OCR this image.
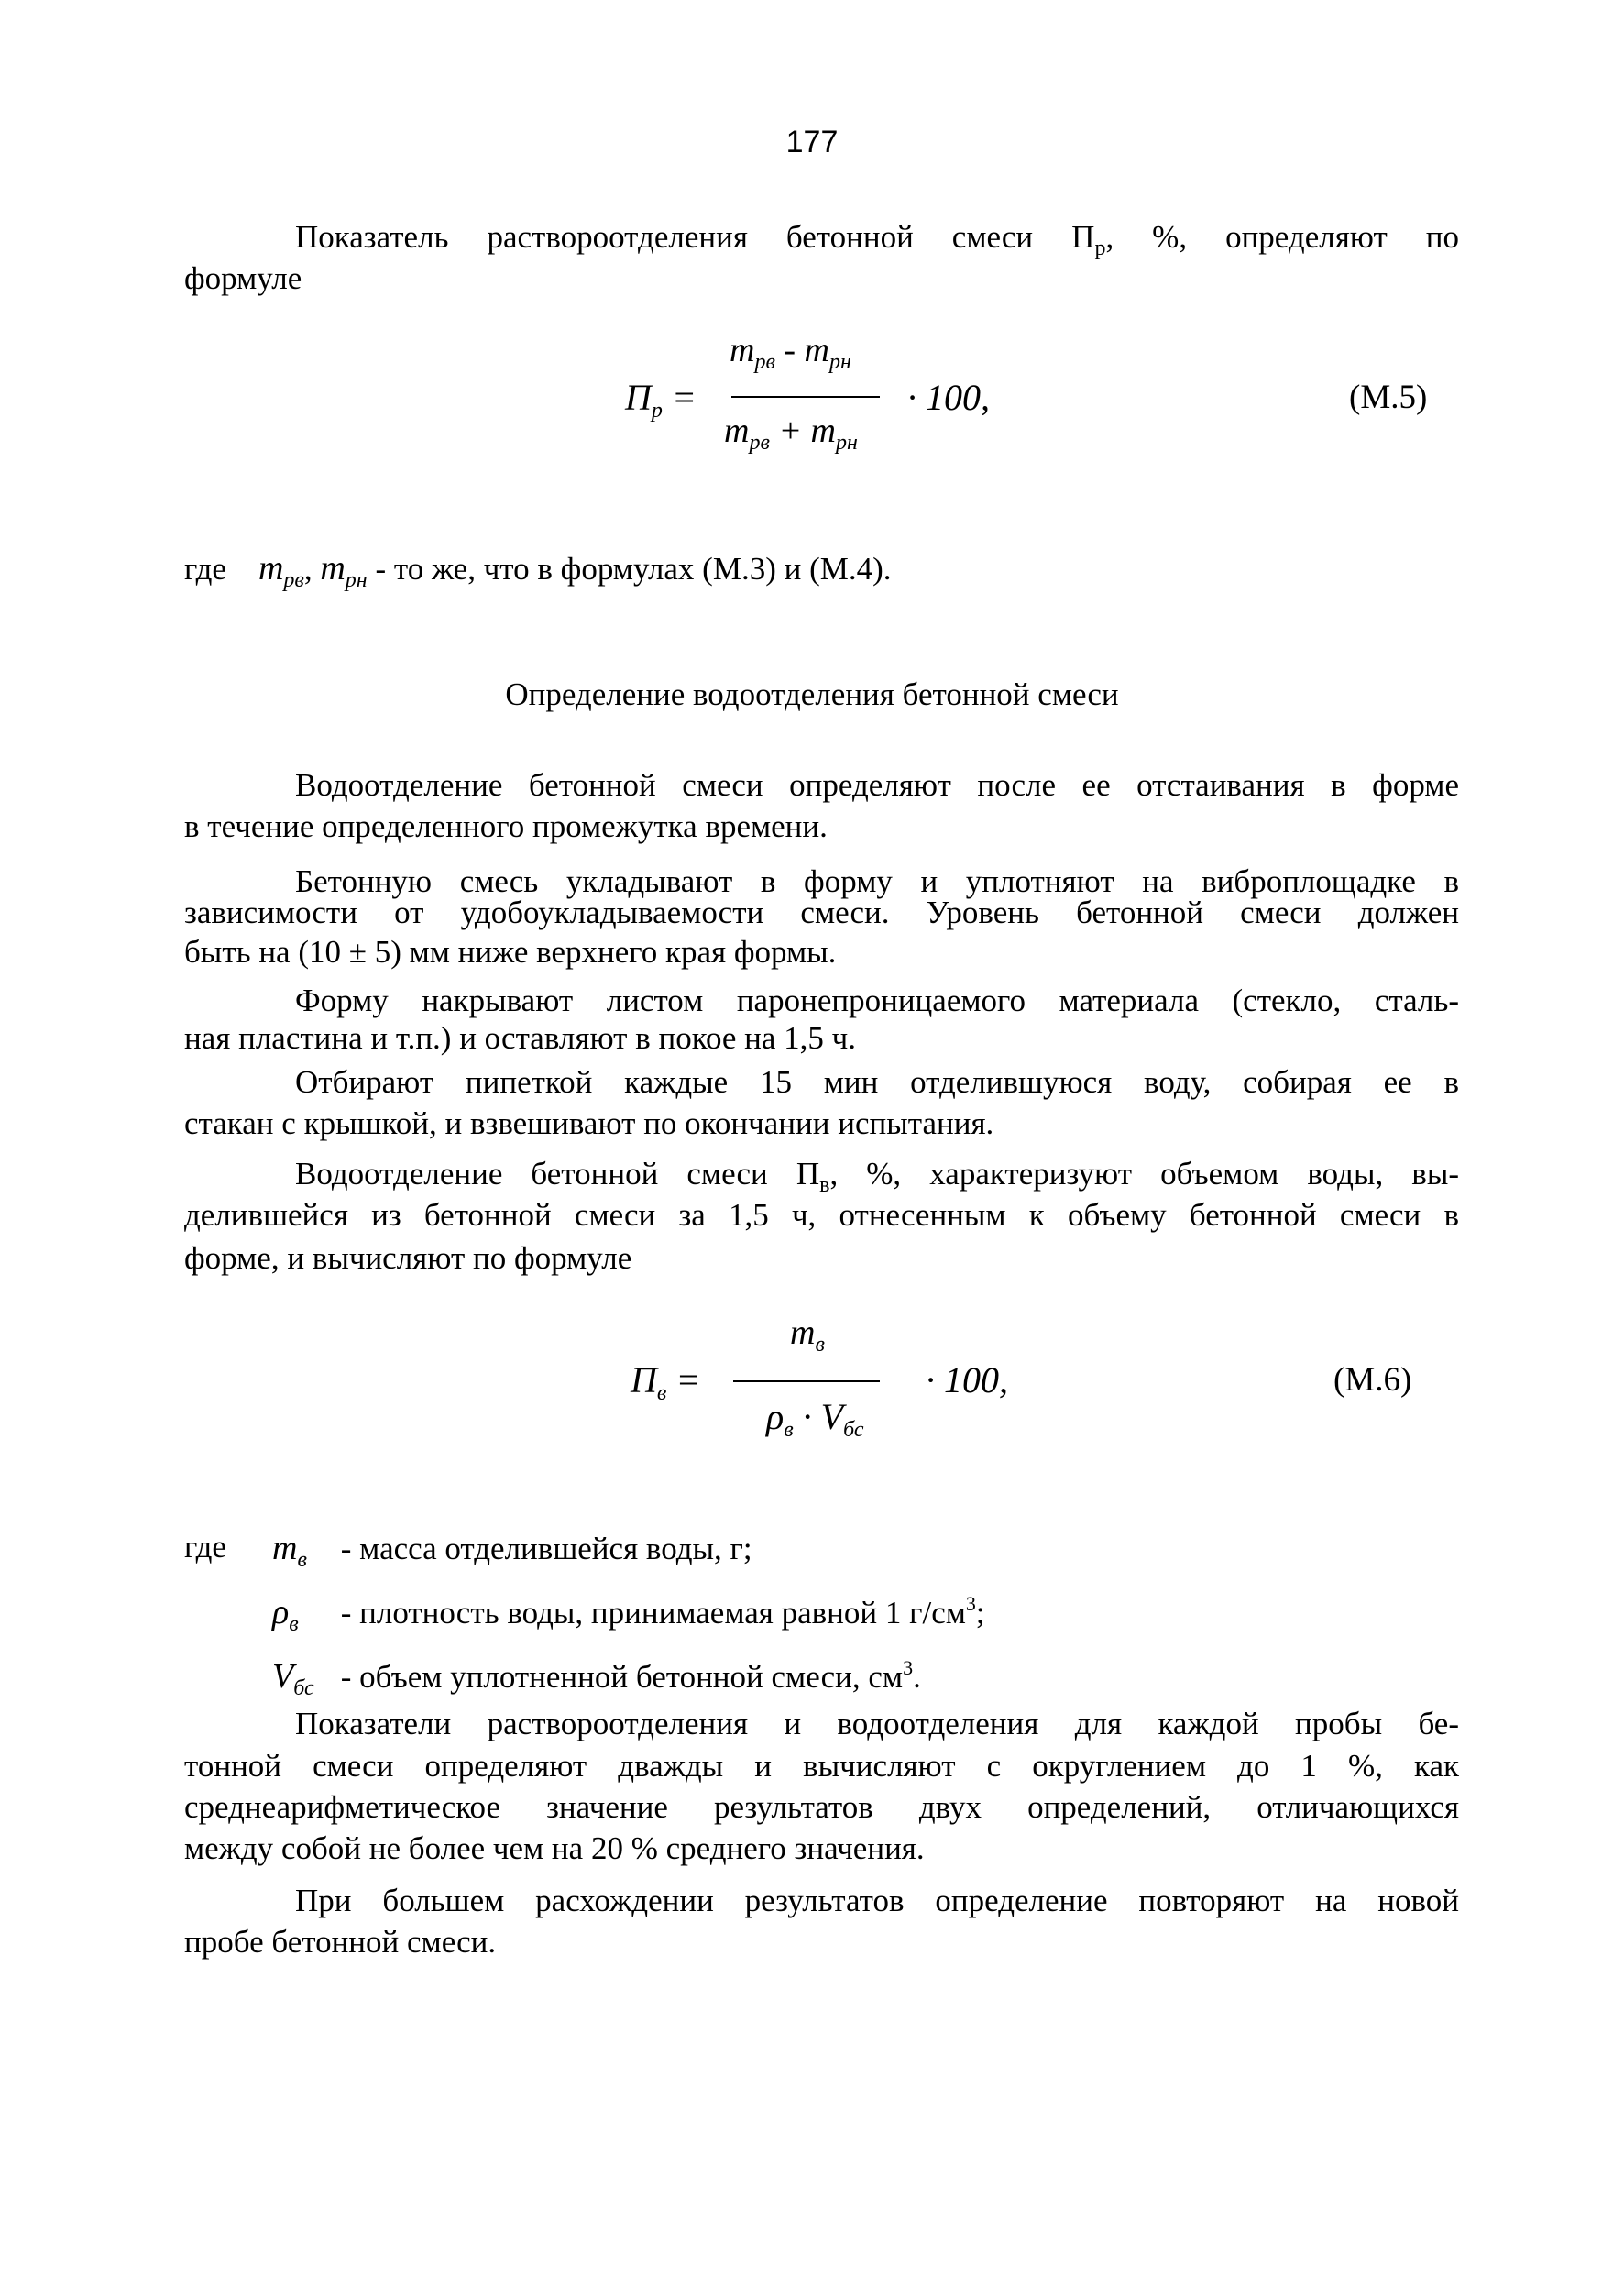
177
Показатель раствороотделения бетонной смеси $П_р$, %, определяют по
формуле
$П_р$ =
$m_{рв} - m_{рн}$
$m_{рв} + m_{рн}$
· 100,	(М.5)
где $m_{рв}$, $m_{рн}$ - то же, что в формулах (М.3) и (М.4).
Определение водоотделения бетонной смеси
Водоотделение бетонной смеси определяют после ее отстаивания в форме
в течение определенного промежутка времени.
Бетонную смесь укладывают в форму и уплотняют на виброплощадке в
зависимости от удобоукладываемости смеси. Уровень бетонной смеси должен
быть на (10 ± 5) мм ниже верхнего края формы.
Форму накрывают листом паронепроницаемого материала (стекло, сталь-
ная пластина и т.п.) и оставляют в покое на 1,5 ч.
Отбирают пипеткой каждые 15 мин отделившуюся воду, собирая ее в
стакан с крышкой, и взвешивают по окончании испытания.
Водоотделение бетонной смеси $П_в$, %, характеризуют объемом воды, вы-
делившейся из бетонной смеси за 1,5 ч, отнесенным к объему бетонной смеси в
форме, и вычисляют по формуле
$П_в$ =
$m_в$
$\rho_в \cdot V_{бс}$
· 100,	(М.6)
где $m_в$ - масса отделившейся воды, г;
$\rho_в$ - плотность воды, принимаемая равной 1 $г/см^3$;
$V_{бс}$ - объем уплотненной бетонной смеси, $см^3$.
Показатели раствороотделения и водоотделения для каждой пробы бе-
тонной смеси определяют дважды и вычисляют с округлением до 1 %, как
среднеарифметическое значение результатов двух определений, отличающихся
между собой не более чем на 20 % среднего значения.
При большем расхождении результатов определение повторяют на новой
пробе бетонной смеси.
